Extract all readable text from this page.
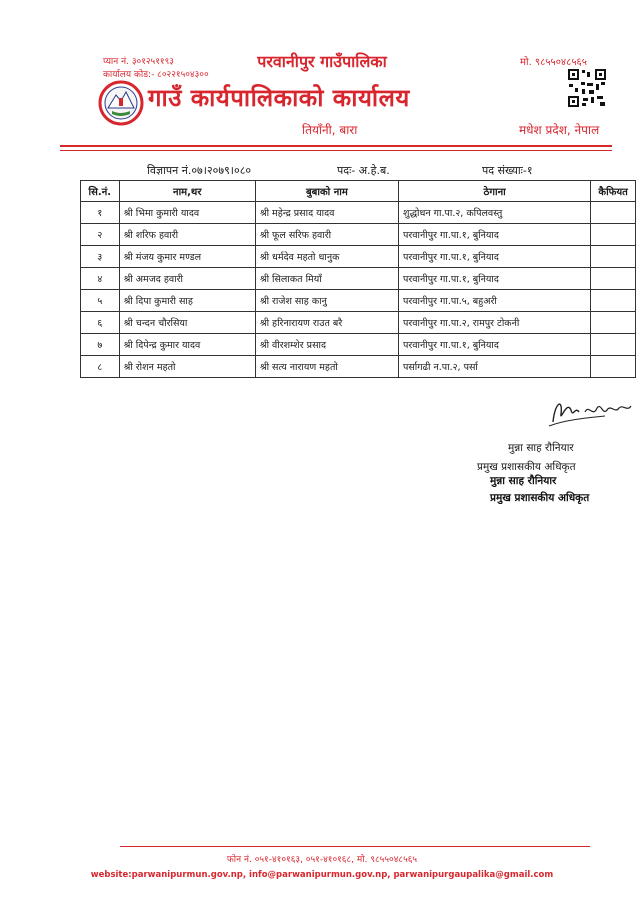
प्यान नं. ३०१२५११९३
कार्यालय कोड:- ८०२२१५०४३००
परवानीपुर गाउँपालिका	मो. ९८५५०४८५६५
गाउँ कार्यपालिकाको कार्यालय
तियाँनी, बारा	मधेश प्रदेश, नेपाल
विज्ञापन नं.०७।२०७९।०८०	पदः- अ.हे.ब.	पद संख्याः-१
सि.नं.	नाम,थर	बुबाको नाम	ठेगाना	कैफियत
१	श्री भिमा कुमारी यादव	श्री महेन्द्र प्रसाद यादव	शुद्धोधन गा.पा.२, कपिलवस्तु	
२	श्री शरिफ हवारी	श्री फूल सरिफ हवारी	परवानीपुर गा.पा.१, बुनियाद	
३	श्री मंजय कुमार मण्डल	श्री धर्मदेव महतो धानुक	परवानीपुर गा.पा.१, बुनियाद	
४	श्री अमजद हवारी	श्री सिलाकत मियाँ	परवानीपुर गा.पा.१, बुनियाद	
५	श्री दिपा कुमारी साह	श्री राजेश साह कानु	परवानीपुर गा.पा.५, बहुअरी	
६	श्री चन्दन चौरसिया	श्री हरिनारायण राउत बरै	परवानीपुर गा.पा.२, रामपुर टोकनी	
७	श्री दिपेन्द्र कुमार यादव	श्री वीरशम्शेर प्रसाद	परवानीपुर गा.पा.१, बुनियाद	
८	श्री रोशन महतो	श्री सत्य नारायण महतो	पर्सागढी न.पा.२, पर्सा	
मुन्ना साह रौनियार
प्रमुख प्रशासकीय अधिकृत
मुन्ना साह रौनियार
प्रमुख प्रशासकीय अधिकृत
फोन नं. ०५१-४१०१६३, ०५१-४१०१६८, मो. ९८५५०४८५६५
website:parwanipurmun.gov.np, info@parwanipurmun.gov.np, parwanipurgaupalika@gmail.com
